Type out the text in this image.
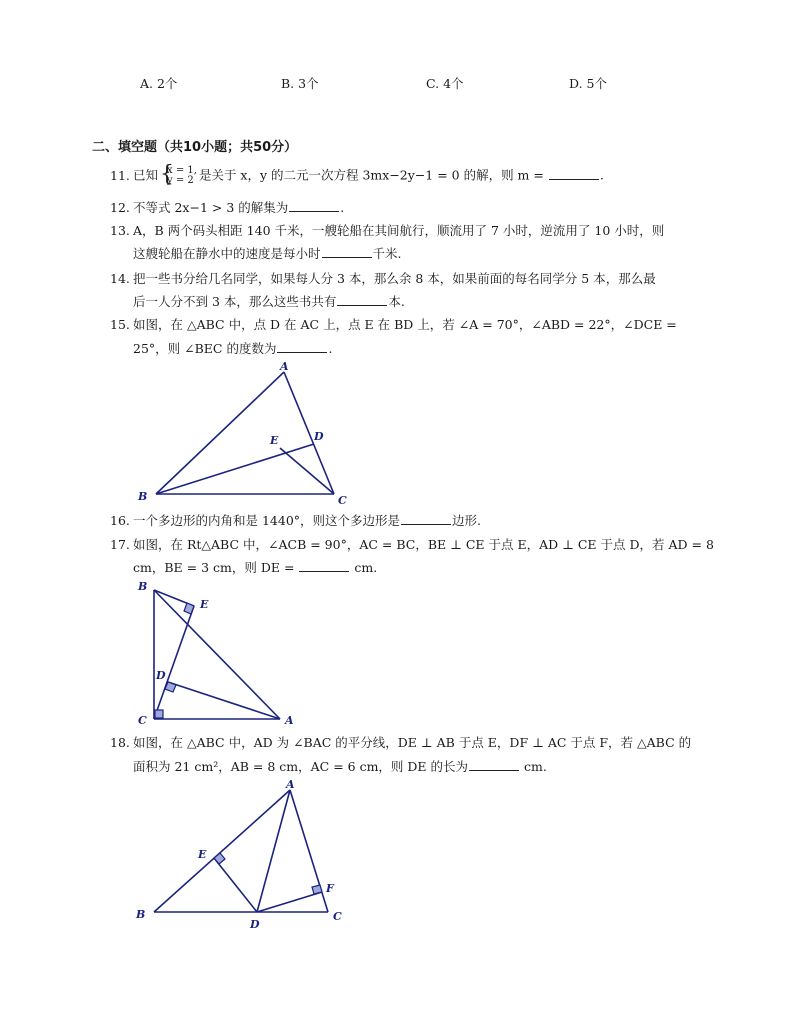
A. 2个	B. 3个	C. 4个	D. 5个
二、填空题（共10小题；共50分）
11. 已知 {
x = 1,
y = 2 是关于 x，y 的二元一次方程 3mx−2y−1 = 0 的解，则 m =	.
12. 不等式 2x−1 > 3 的解集为	.
13. A，B 两个码头相距 140 千米，一艘轮船在其间航行，顺流用了 7 小时，逆流用了 10 小时，则
这艘轮船在静水中的速度是每小时	千米.
14. 把一些书分给几名同学，如果每人分 3 本，那么余 8 本，如果前面的每名同学分 5 本，那么最
后一人分不到 3 本，那么这些书共有	本.
15. 如图，在 △ABC 中，点 D 在 AC 上，点 E 在 BD 上，若 ∠A = 70°，∠ABD = 22°，∠DCE =
25°，则 ∠BEC 的度数为	.
A
B	C
D
E
16. 一个多边形的内角和是 1440°，则这个多边形是	边形.
17. 如图，在 Rt△ABC 中，∠ACB = 90°，AC = BC，BE ⊥ CE 于点 E，AD ⊥ CE 于点 D，若 AD = 8
cm，BE = 3 cm，则 DE =	cm.
B
E
D
C	A
18. 如图，在 △ABC 中，AD 为 ∠BAC 的平分线，DE ⊥ AB 于点 E，DF ⊥ AC 于点 F，若 △ABC 的
面积为 21 cm²，AB = 8 cm，AC = 6 cm，则 DE 的长为	cm.
A
E
F
B
D
C
